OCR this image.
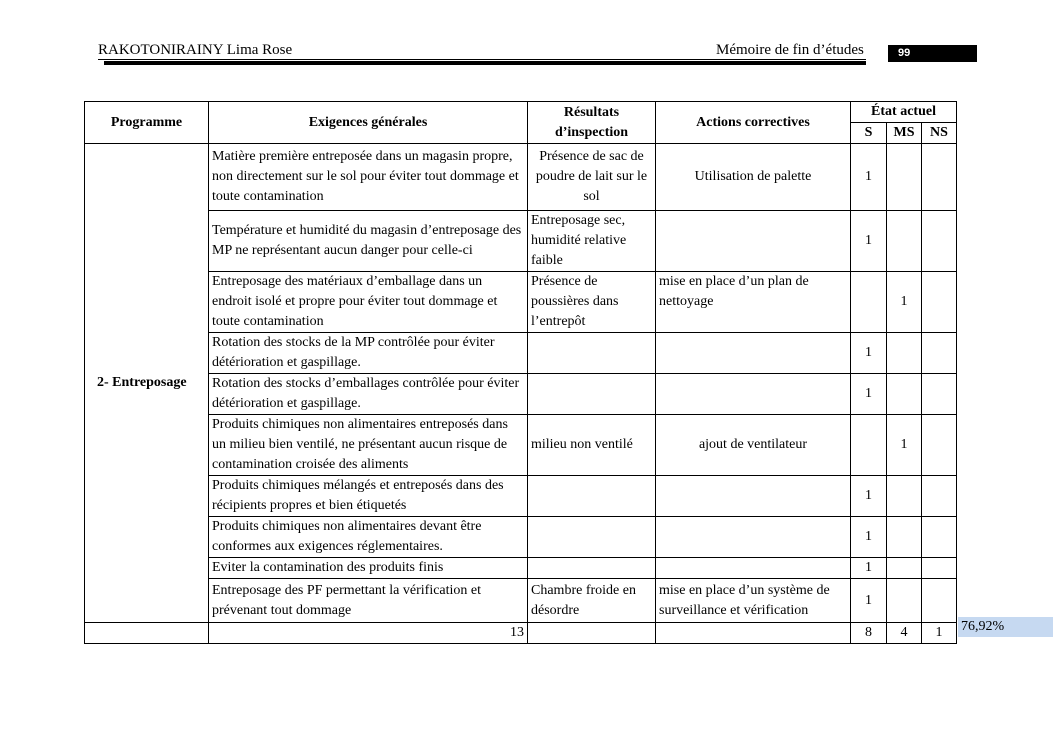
RAKOTONIRAINY Lima Rose	Mémoire de fin d’études	99
Programme	Exigences générales	Résultats d’inspection	Actions correctives	État actuel		
				S	MS	NS
2- Entreposage	Matière première entreposée dans un magasin propre, non directement sur le sol pour éviter tout dommage et toute contamination	Présence de sac de poudre de lait sur le sol	Utilisation de palette	1		
	Température et humidité du magasin d’entreposage des MP ne représentant aucun danger pour celle-ci	Entreposage sec, humidité relative faible		1		
	Entreposage des matériaux d’emballage dans un endroit isolé et propre pour éviter tout dommage et toute contamination	Présence de poussières dans l’entrepôt	mise en place d’un plan de nettoyage		1	
	Rotation des stocks de la MP contrôlée pour éviter détérioration et gaspillage.			1		
	Rotation des stocks d’emballages contrôlée pour éviter détérioration et gaspillage.			1		
	Produits chimiques non alimentaires entreposés dans un milieu bien ventilé, ne présentant aucun risque de contamination croisée des aliments	milieu non ventilé	ajout de ventilateur		1	
	Produits chimiques mélangés et entreposés dans des récipients propres et bien étiquetés			1		
	Produits chimiques non alimentaires devant être conformes aux exigences réglementaires.			1		
	Eviter la contamination des produits finis			1		
	Entreposage des PF permettant la vérification et prévenant tout dommage	Chambre froide en désordre	mise en place d’un système de surveillance et vérification	1		
	13			8	4	1 76,92%
